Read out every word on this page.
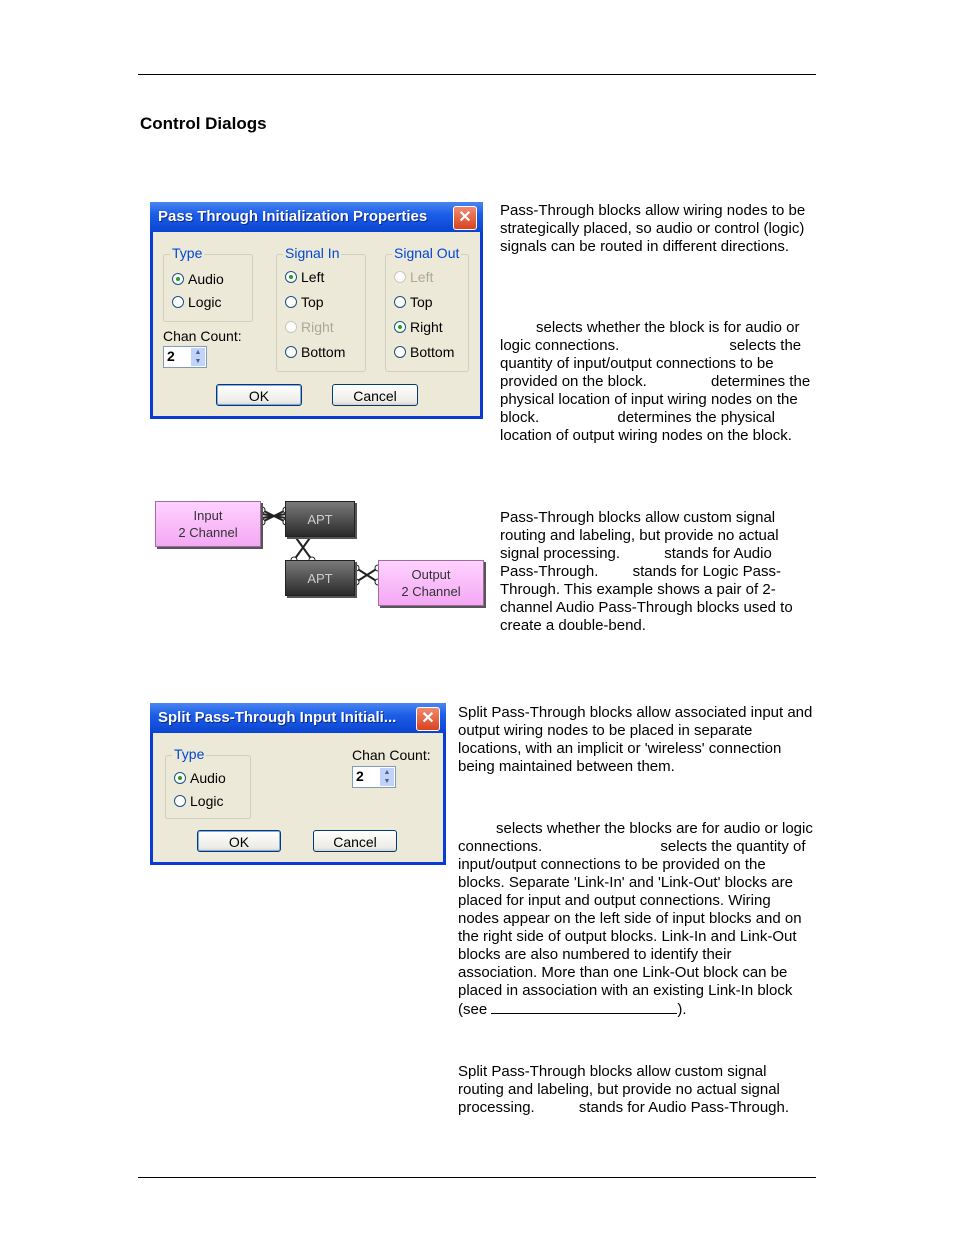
Control Dialogs
Pass Through Initialization Properties	✕
Type
Audio
Logic
Chan Count:
2	▲
▼
Signal In
Left
Top
Right
Bottom
Signal Out
Left
Top
Right
Bottom
OK	Cancel
Pass-Through blocks allow wiring nodes to be strategically placed, so audio or control (logic) signals can be routed in different directions.
selects whether the block is for audio or logic connections.	selects the quantity of input/output connections to be provided on the block.	determines the physical location of input wiring nodes on the block.	determines the physical location of output wiring nodes on the block.
Input
2 Channel
APT
APT	Output
2 Channel
Pass-Through blocks allow custom signal routing and labeling, but provide no actual signal processing.	stands for Audio Pass-Through. stands for Logic Pass-Through. This example shows a pair of 2-channel Audio Pass-Through blocks used to create a double-bend.
Split Pass-Through Input Initiali...	✕
Type
Audio
Logic
Chan Count:
2	▲
▼
OK	Cancel
Split Pass-Through blocks allow associated input and output wiring nodes to be placed in separate locations, with an implicit or 'wireless' connection being maintained between them.
selects whether the blocks are for audio or logic connections.	selects the quantity of input/output connections to be provided on the blocks. Separate 'Link-In' and 'Link-Out' blocks are placed for input and output connections. Wiring nodes appear on the left side of input blocks and on the right side of output blocks. Link-In and Link-Out blocks are also numbered to identify their association. More than one Link-Out block can be placed in association with an existing Link-In block (see	).
Split Pass-Through blocks allow custom signal routing and labeling, but provide no actual signal processing.	stands for Audio Pass-Through.
